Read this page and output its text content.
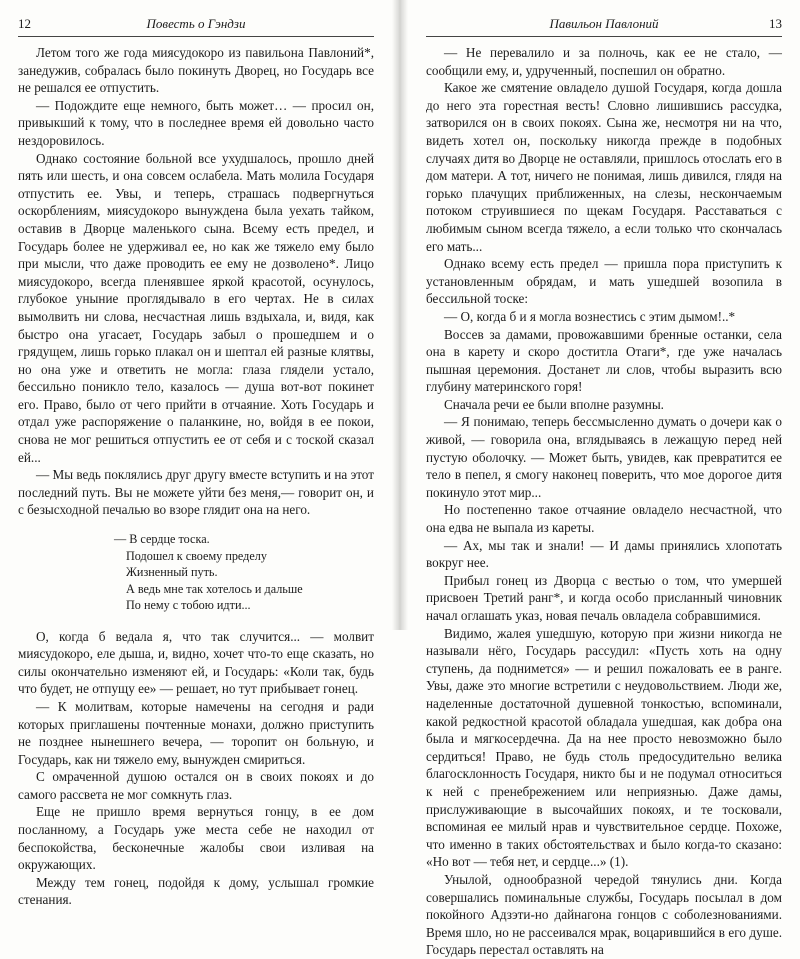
12	Повесть о Гэндзи

Летом того же года миясудокоро из павильона Павлоний*, занедужив, собралась было покинуть Дворец, но Государь все не решался ее отпустить.

— Подождите еще немного, быть может… — просил он, привыкший к тому, что в последнее время ей довольно часто нездоровилось.

Однако состояние больной все ухудшалось, прошло дней пять или шесть, и она совсем ослабела. Мать молила Государя отпустить ее. Увы, и теперь, страшась подвергнуться оскорблениям, миясудокоро вынуждена была уехать тайком, оставив в Дворце маленького сына. Всему есть предел, и Государь более не удерживал ее, но как же тяжело ему было при мысли, что даже проводить ее ему не дозволено*. Лицо миясудокоро, всегда пленявшее яркой красотой, осунулось, глубокое уныние проглядывало в его чертах. Не в силах вымолвить ни слова, несчастная лишь вздыхала, и, видя, как быстро она угасает, Государь забыл о прошедшем и о грядущем, лишь горько плакал он и шептал ей разные клятвы, но она уже и ответить не могла: глаза глядели устало, бессильно поникло тело, казалось — душа вот-вот покинет его. Право, было от чего прийти в отчаяние. Хоть Государь и отдал уже распоряжение о паланкине, но, войдя в ее покои, снова не мог решиться отпустить ее от себя и с тоской сказал ей...

— Мы ведь поклялись друг другу вместе вступить и на этот последний путь. Вы не можете уйти без меня,— говорит он, и с безысходной печалью во взоре глядит она на него.

— В сердце тоска.
Подошел к своему пределу
Жизненный путь.
А ведь мне так хотелось и дальше
По нему с тобою идти...

О, когда б ведала я, что так случится... — молвит миясудокоро, еле дыша, и, видно, хочет что-то еще сказать, но силы окончательно изменяют ей, и Государь: «Коли так, будь что будет, не отпущу ее» — решает, но тут прибывает гонец.

— К молитвам, которые намечены на сегодня и ради которых приглашены почтенные монахи, должно приступить не позднее нынешнего вечера, — торопит он больную, и Государь, как ни тяжело ему, вынужден смириться.

С омраченной душою остался он в своих покоях и до самого рассвета не мог сомкнуть глаз.

Еще не пришло время вернуться гонцу, в ее дом посланному, а Государь уже места себе не находил от беспокойства, бесконечные жалобы свои изливая на окружающих.

Между тем гонец, подойдя к дому, услышал громкие стенания.

Павильон Павлоний	13

— Не перевалило и за полночь, как ее не стало, — сообщили ему, и, удрученный, поспешил он обратно.

Какое же смятение овладело душой Государя, когда дошла до него эта горестная весть! Словно лишившись рассудка, затворился он в своих покоях. Сына же, несмотря ни на что, видеть хотел он, поскольку никогда прежде в подобных случаях дитя во Дворце не оставляли, пришлось отослать его в дом матери. А тот, ничего не понимая, лишь дивился, глядя на горько плачущих приближенных, на слезы, нескончаемым потоком струившиеся по щекам Государя. Расставаться с любимым сыном всегда тяжело, а если только что скончалась его мать...

Однако всему есть предел — пришла пора приступить к установленным обрядам, и мать ушедшей возопила в бессильной тоске:

— О, когда б и я могла вознестись с этим дымом!..*

Воссев за дамами, провожавшими бренные останки, села она в карету и скоро доститла Отаги*, где уже началась пышная церемония. Достанет ли слов, чтобы выразить всю глубину материнского горя!

Сначала речи ее были вполне разумны.

— Я понимаю, теперь бессмысленно думать о дочери как о живой, — говорила она, вглядываясь в лежащую перед ней пустую оболочку. — Может быть, увидев, как превратится ее тело в пепел, я смогу наконец поверить, что мое дорогое дитя покинуло этот мир...

Но постепенно такое отчаяние овладело несчастной, что она едва не выпала из кареты.

— Ах, мы так и знали! — И дамы принялись хлопотать вокруг нее.

Прибыл гонец из Дворца с вестью о том, что умершей присвоен Третий ранг*, и когда особо присланный чиновник начал оглашать указ, новая печаль овладела собравшимися.

Видимо, жалея ушедшую, которую при жизни никогда не называли нёго, Государь рассудил: «Пусть хоть на одну ступень, да поднимется» — и решил пожаловать ее в ранге. Увы, даже это многие встретили с неудовольствием. Люди же, наделенные достаточной душевной тонкостью, вспоминали, какой редкостной красотой обладала ушедшая, как добра она была и мягкосердечна. Да на нее просто невозможно было сердиться! Право, не будь столь предосудительно велика благосклонность Государя, никто бы и не подумал относиться к ней с пренебрежением или неприязнью. Даже дамы, прислуживающие в высочайших покоях, и те тосковали, вспоминая ее милый нрав и чувствительное сердце. Похоже, что именно в таких обстоятельствах и было когда-то сказано: «Но вот — тебя нет, и сердце...» (1).

Унылой, однообразной чередой тянулись дни. Когда совершались поминальные службы, Государь посылал в дом покойного Адзэти-но дайнагона гонцов с соболезнованиями. Время шло, но не рассеивался мрак, воцарившийся в его душе. Государь перестал оставлять на
